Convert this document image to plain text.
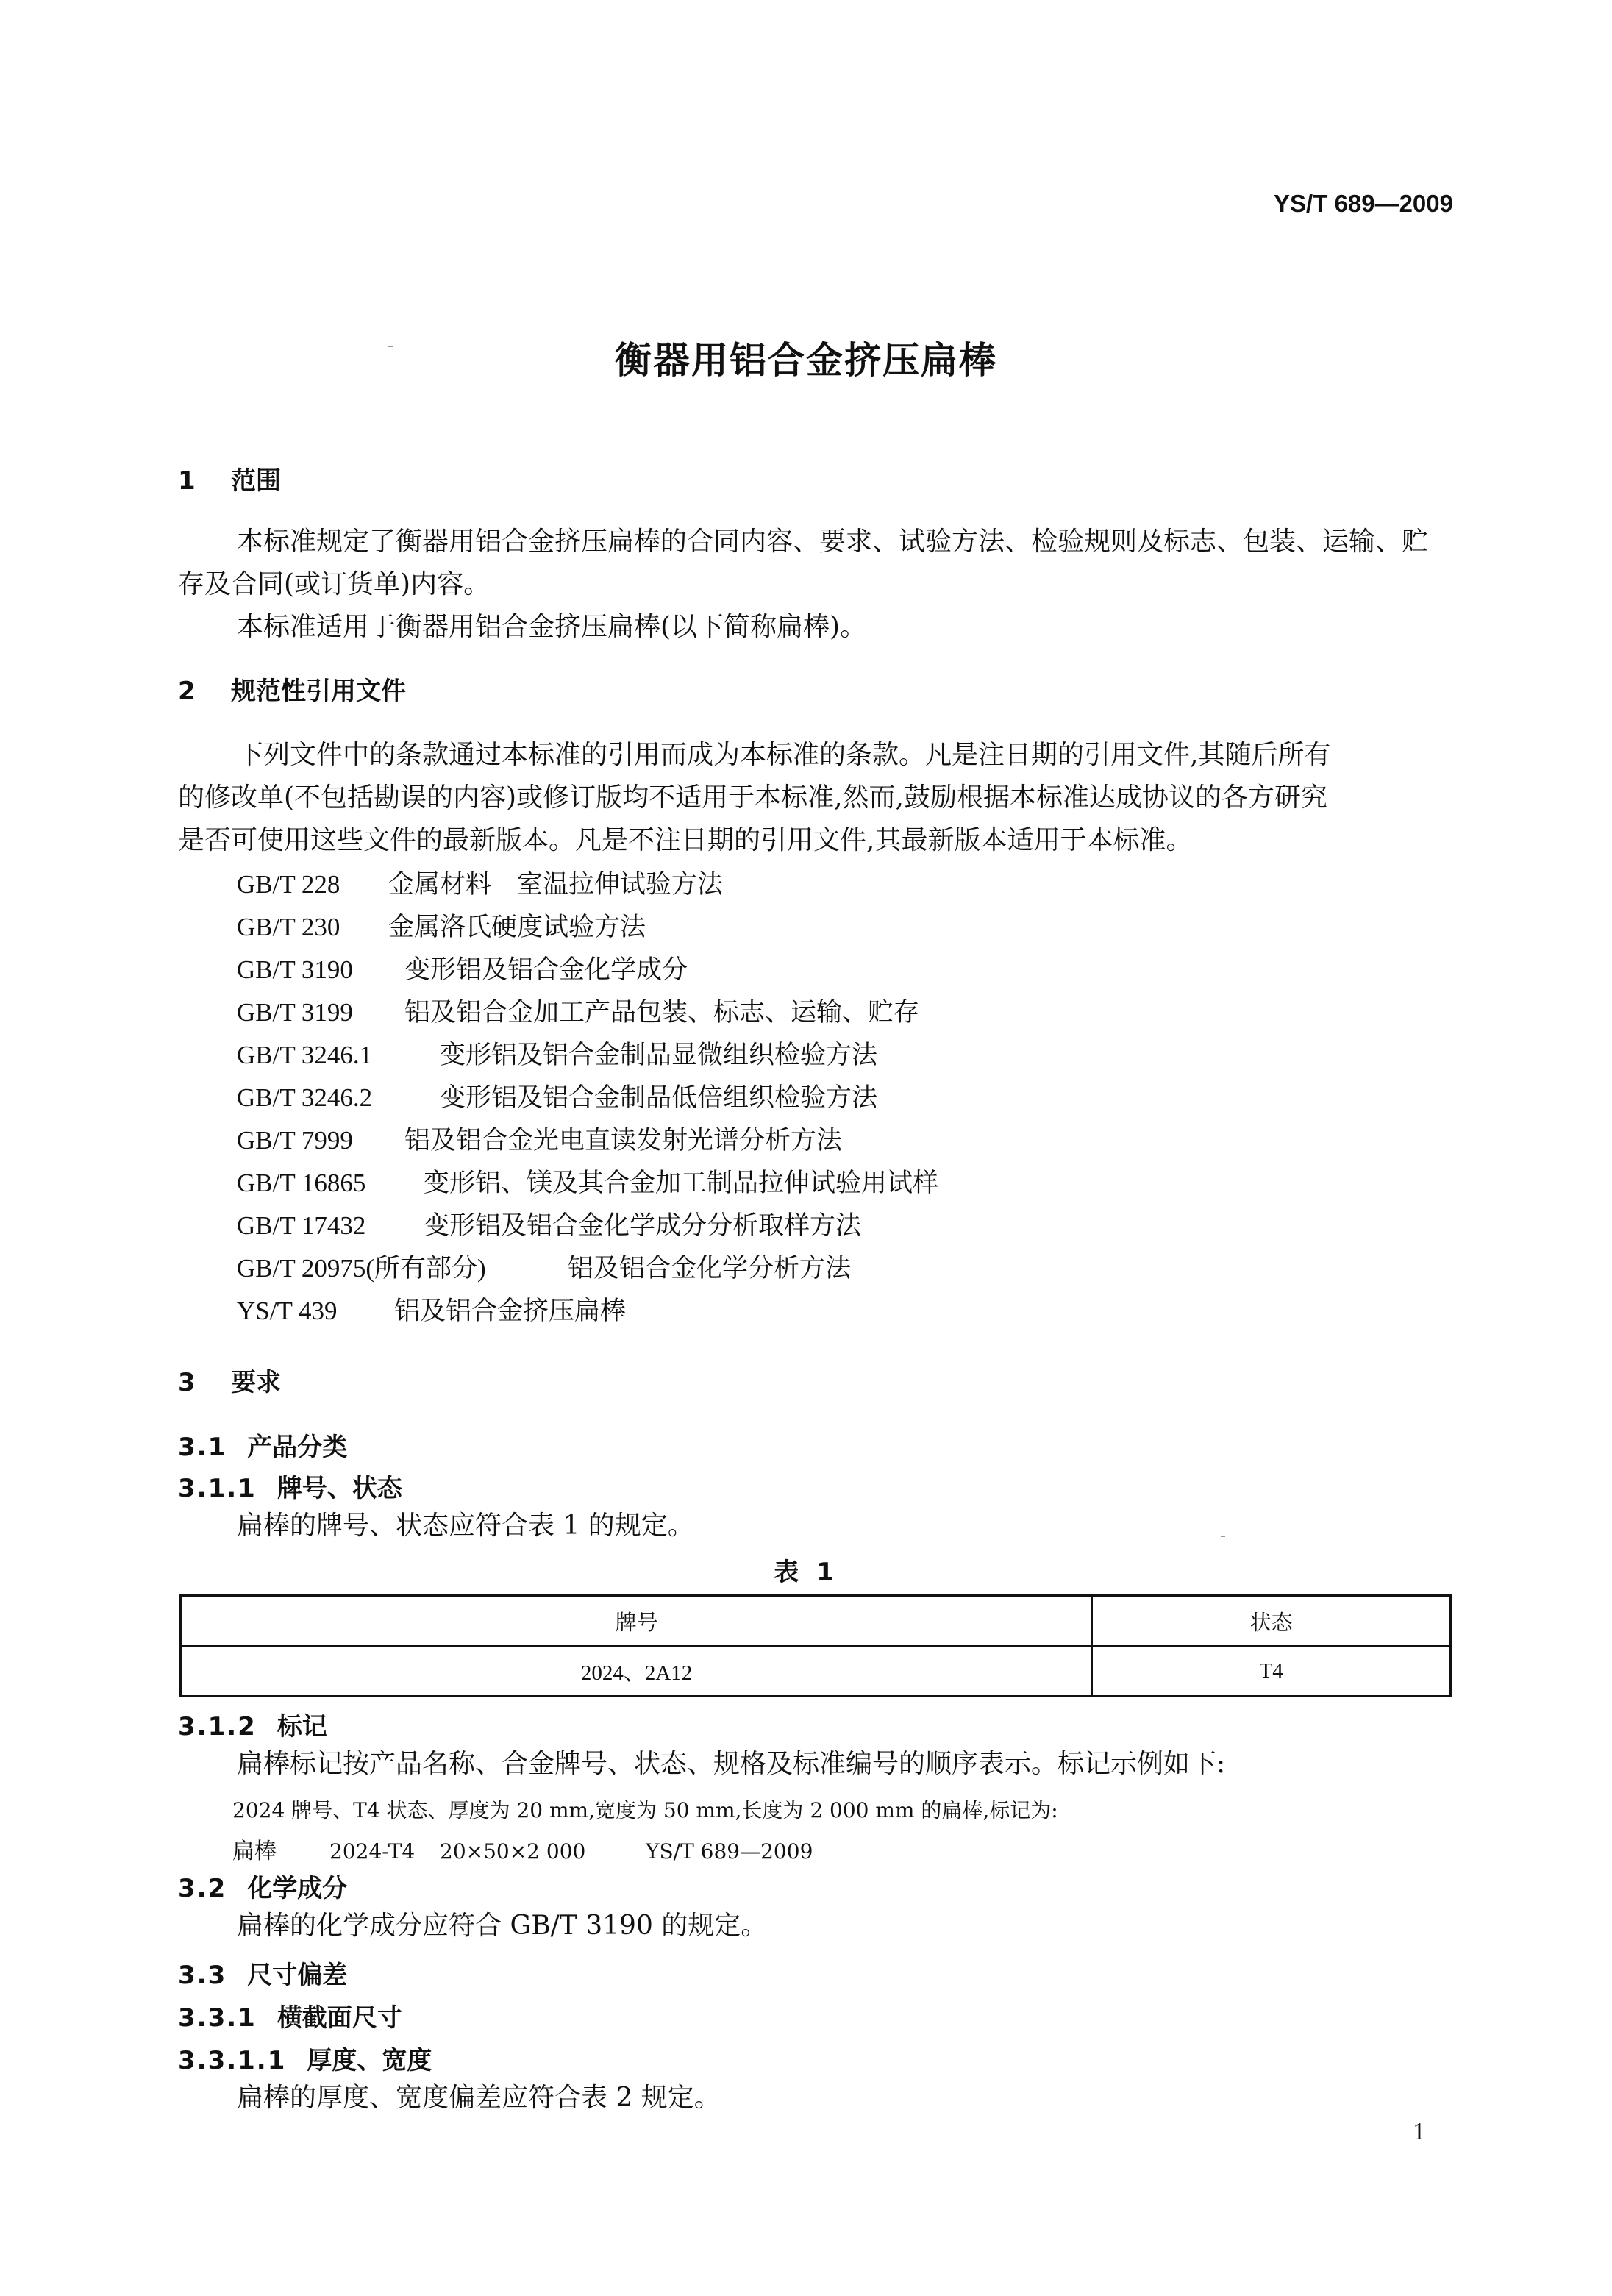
YS/T 689—2009
衡器用铝合金挤压扁棒
1 范围
本标准规定了衡器用铝合金挤压扁棒的合同内容、要求、试验方法、检验规则及标志、包装、运输、贮
存及合同(或订货单)内容。
本标准适用于衡器用铝合金挤压扁棒(以下简称扁棒)。
2 规范性引用文件
下列文件中的条款通过本标准的引用而成为本标准的条款。凡是注日期的引用文件,其随后所有
的修改单(不包括勘误的内容)或修订版均不适用于本标准,然而,鼓励根据本标准达成协议的各方研究
是否可使用这些文件的最新版本。凡是不注日期的引用文件,其最新版本适用于本标准。
GB/T 228 金属材料　室温拉伸试验方法
GB/T 230 金属洛氏硬度试验方法
GB/T 3190 变形铝及铝合金化学成分
GB/T 3199 铝及铝合金加工产品包装、标志、运输、贮存
GB/T 3246.1	变形铝及铝合金制品显微组织检验方法
GB/T 3246.2	变形铝及铝合金制品低倍组织检验方法
GB/T 7999 铝及铝合金光电直读发射光谱分析方法
GB/T 16865 变形铝、镁及其合金加工制品拉伸试验用试样
GB/T 17432 变形铝及铝合金化学成分分析取样方法
GB/T 20975(所有部分)	铝及铝合金化学分析方法
YS/T 439 铝及铝合金挤压扁棒
3 要求
3.1 产品分类
3.1.1 牌号、状态
扁棒的牌号、状态应符合表 1 的规定。
表 1
牌号	状态
2024、2A12	T4
3.1.2 标记
扁棒标记按产品名称、合金牌号、状态、规格及标准编号的顺序表示。标记示例如下:
2024 牌号、T4 状态、厚度为 20 mm,宽度为 50 mm,长度为 2 000 mm 的扁棒,标记为:
扁棒	2024-T4 20×50×2 000	YS/T 689—2009
3.2 化学成分
扁棒的化学成分应符合 GB/T 3190 的规定。
3.3 尺寸偏差
3.3.1 横截面尺寸
3.3.1.1 厚度、宽度
扁棒的厚度、宽度偏差应符合表 2 规定。
1
